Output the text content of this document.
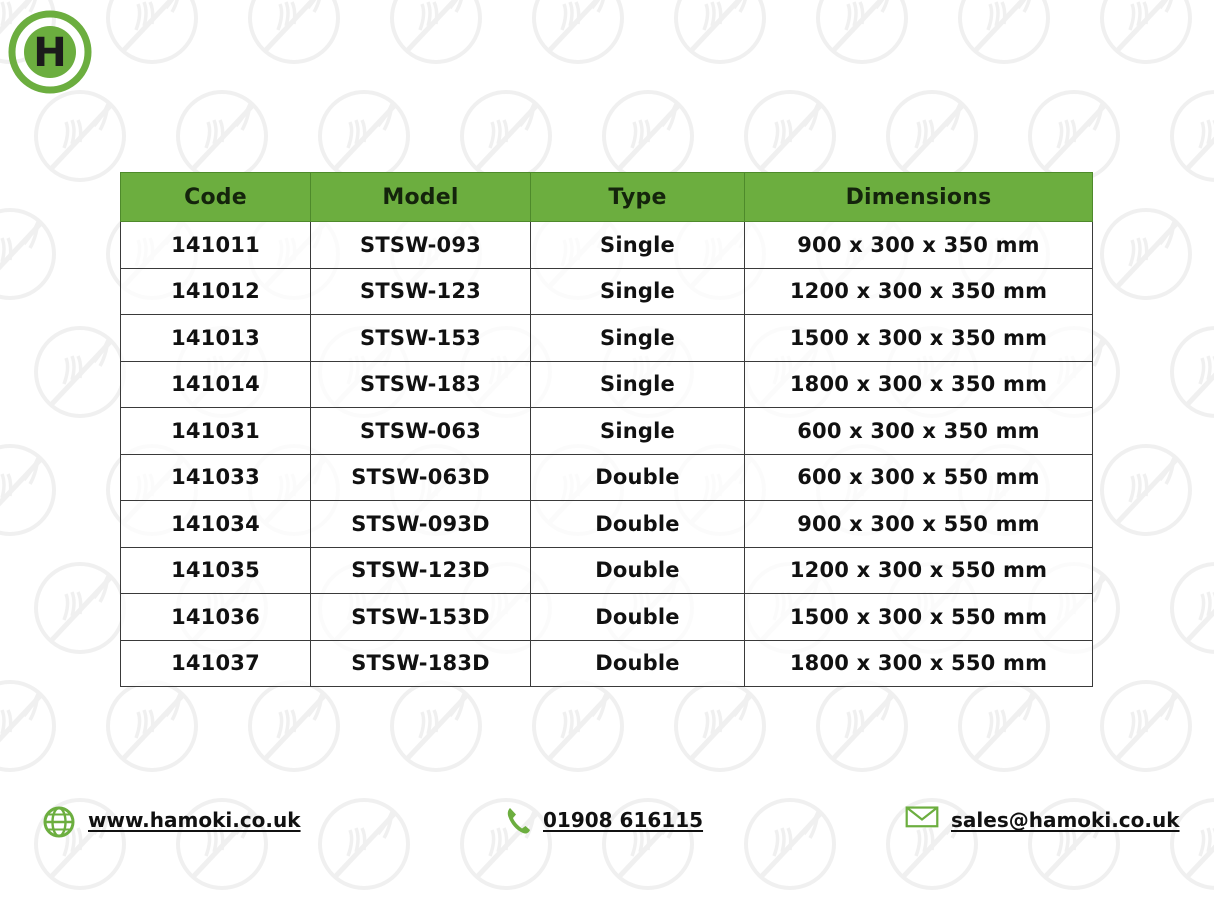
H
Code	Model	Type	Dimensions
141011	STSW-093	Single	900 x 300 x 350 mm
141012	STSW-123	Single	1200 x 300 x 350 mm
141013	STSW-153	Single	1500 x 300 x 350 mm
141014	STSW-183	Single	1800 x 300 x 350 mm
141031	STSW-063	Single	600 x 300 x 350 mm
141033	STSW-063D	Double	600 x 300 x 550 mm
141034	STSW-093D	Double	900 x 300 x 550 mm
141035	STSW-123D	Double	1200 x 300 x 550 mm
141036	STSW-153D	Double	1500 x 300 x 550 mm
141037	STSW-183D	Double	1800 x 300 x 550 mm
www.hamoki.co.uk	01908 616115	sales@hamoki.co.uk
